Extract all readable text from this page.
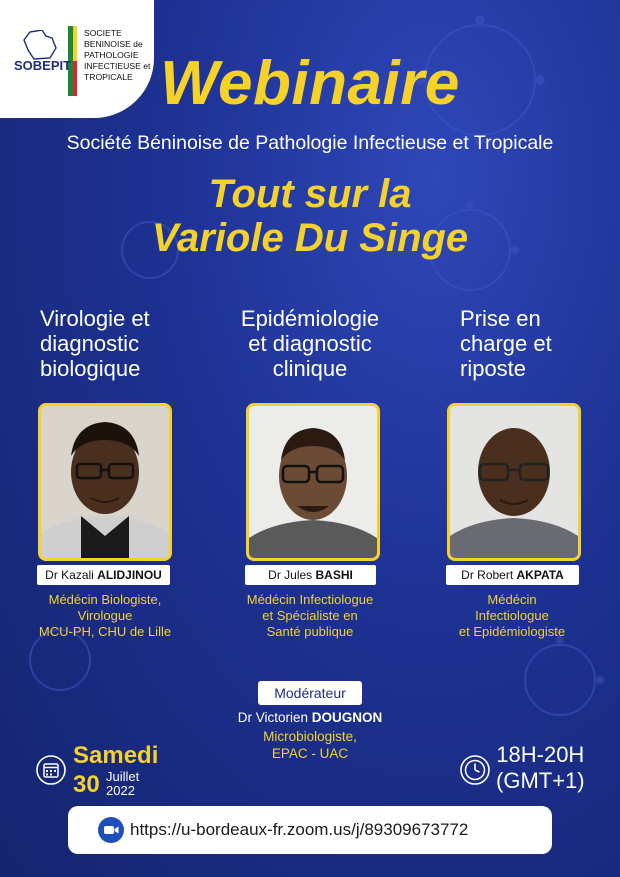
SOBEPIT
SOCIETE
BENINOISE de
PATHOLOGIE
INFECTIEUSE et
TROPICALE Webinaire
Société Béninoise de Pathologie Infectieuse et Tropicale
Tout sur la
Variole Du Singe
Virologie et
diagnostic
biologique
Epidémiologie
et diagnostic
clinique
Prise en
charge et
riposte
Dr Kazali ALIDJINOU	Dr Jules BASHI	Dr Robert AKPATA
Médécin Biologiste,
Virologue
MCU-PH, CHU de Lille
Médécin Infectiologue
et Spécialiste en
Santé publique
Médécin
Infectiologue
et Epidémiologiste
Modérateur
Dr Victorien DOUGNON
Microbiologiste,
EPAC - UAC
Samedi
30 Juillet
2022
18H-20H
(GMT+1)
https://u-bordeaux-fr.zoom.us/j/89309673772
